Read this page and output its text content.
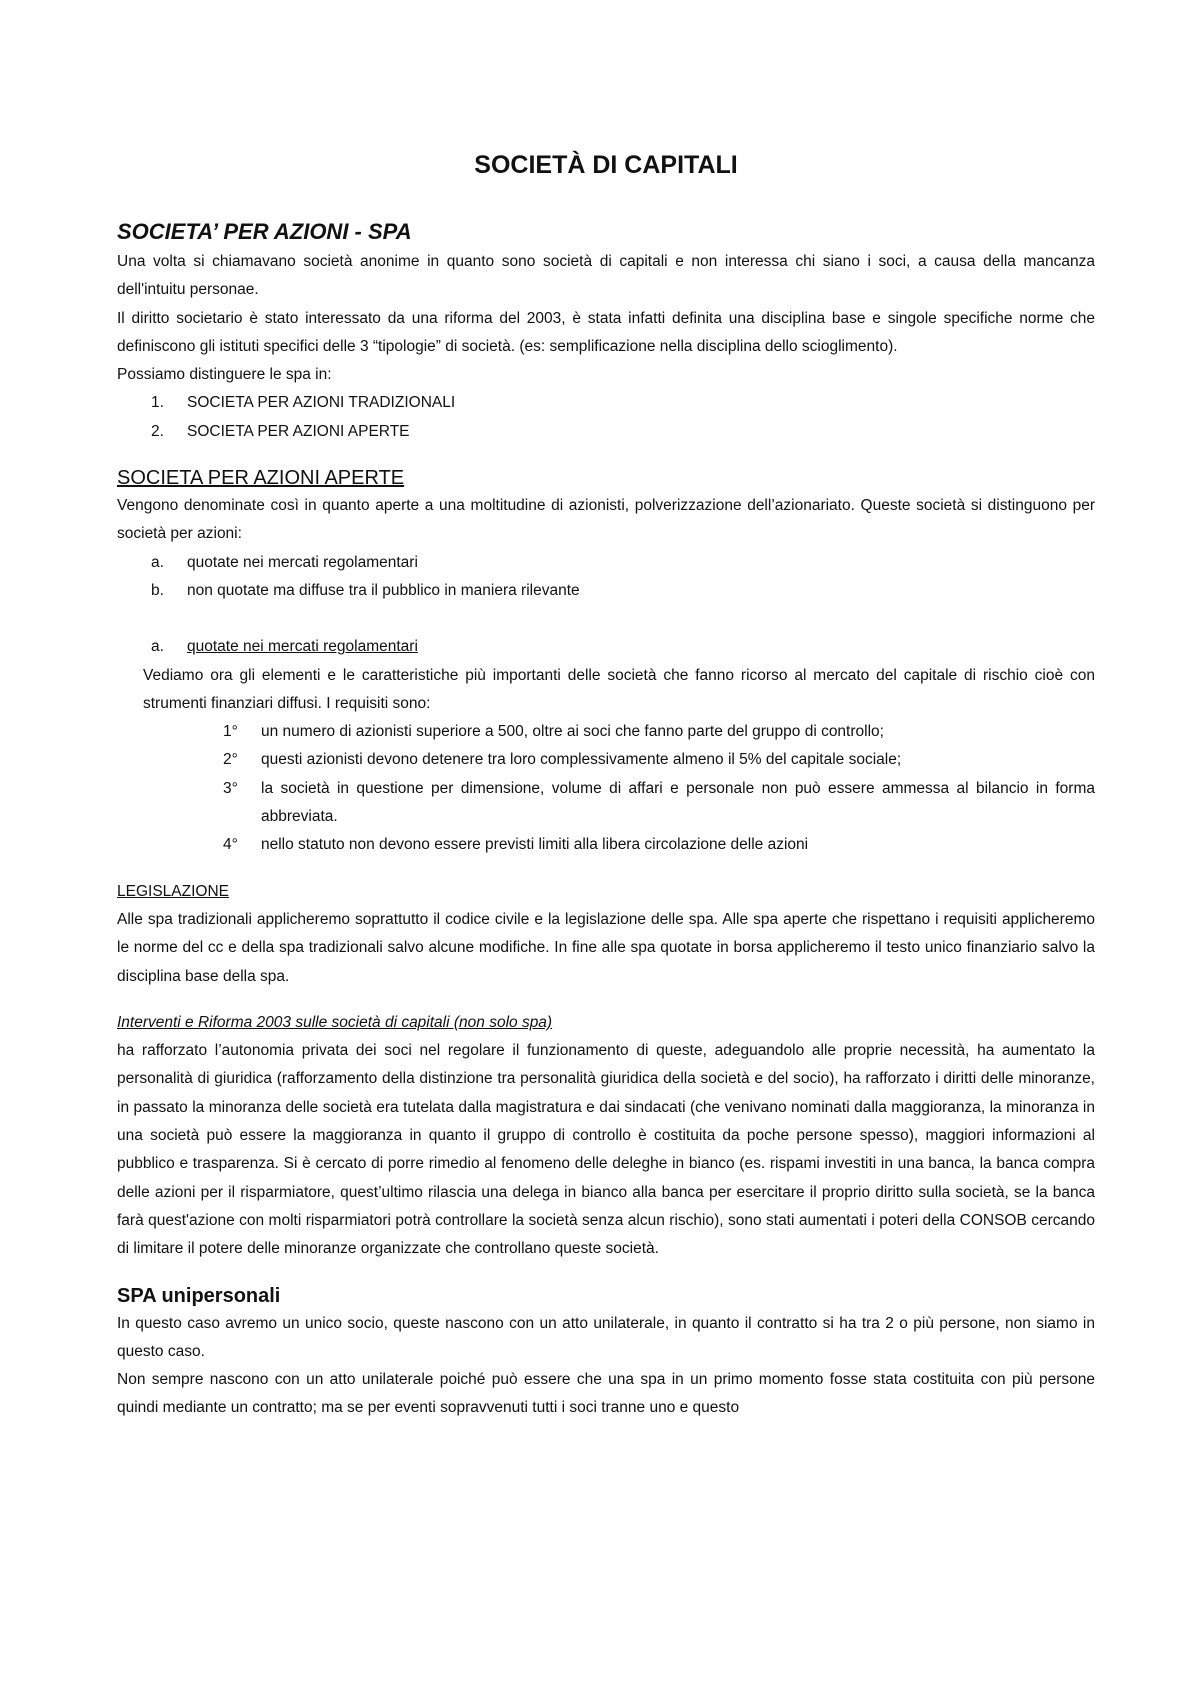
SOCIETÀ DI CAPITALI
SOCIETA’ PER AZIONI - SPA

Una volta si chiamavano società anonime in quanto sono società di capitali e non interessa chi siano i soci, a causa della mancanza dell'intuitu personae.

Il diritto societario è stato interessato da una riforma del 2003, è stata infatti definita una disciplina base e singole specifiche norme che definiscono gli istituti specifici delle 3 “tipologie” di società. (es: semplificazione nella disciplina dello scioglimento).

Possiamo distinguere le spa in:

1.	SOCIETA PER AZIONI TRADIZIONALI
2.	SOCIETA PER AZIONI APERTE
SOCIETA PER AZIONI APERTE

Vengono denominate così in quanto aperte a una moltitudine di azionisti, polverizzazione dell’azionariato. Queste società si distinguono per società per azioni:

a.	quotate nei mercati regolamentari
b.	non quotate ma diffuse tra il pubblico in maniera rilevante
a. quotate nei mercati regolamentari

Vediamo ora gli elementi e le caratteristiche più importanti delle società che fanno ricorso al mercato del capitale di rischio cioè con strumenti finanziari diffusi. I requisiti sono:

1°	un numero di azionisti superiore a 500, oltre ai soci che fanno parte del gruppo di controllo;
2°	questi azionisti devono detenere tra loro complessivamente almeno il 5% del capitale sociale;
3°	la società in questione per dimensione, volume di affari e personale non può essere ammessa al bilancio in forma abbreviata.
4°	nello statuto non devono essere previsti limiti alla libera circolazione delle azioni
LEGISLAZIONE

Alle spa tradizionali applicheremo soprattutto il codice civile e la legislazione delle spa. Alle spa aperte che rispettano i requisiti applicheremo le norme del cc e della spa tradizionali salvo alcune modifiche. In fine alle spa quotate in borsa applicheremo il testo unico finanziario salvo la disciplina base della spa.

Interventi e Riforma 2003 sulle società di capitali (non solo spa)

ha rafforzato l’autonomia privata dei soci nel regolare il funzionamento di queste, adeguandolo alle proprie necessità, ha aumentato la personalità di giuridica (rafforzamento della distinzione tra personalità giuridica della società e del socio), ha rafforzato i diritti delle minoranze, in passato la minoranza delle società era tutelata dalla magistratura e dai sindacati (che venivano nominati dalla maggioranza, la minoranza in una società può essere la maggioranza in quanto il gruppo di controllo è costituita da poche persone spesso), maggiori informazioni al pubblico e trasparenza. Si è cercato di porre rimedio al fenomeno delle deleghe in bianco (es. rispami investiti in una banca, la banca compra delle azioni per il risparmiatore, quest’ultimo rilascia una delega in bianco alla banca per esercitare il proprio diritto sulla società, se la banca farà quest'azione con molti risparmiatori potrà controllare la società senza alcun rischio), sono stati aumentati i poteri della CONSOB cercando di limitare il potere delle minoranze organizzate che controllano queste società.

SPA unipersonali

In questo caso avremo un unico socio, queste nascono con un atto unilaterale, in quanto il contratto si ha tra 2 o più persone, non siamo in questo caso.

Non sempre nascono con un atto unilaterale poiché può essere che una spa in un primo momento fosse stata costituita con più persone quindi mediante un contratto; ma se per eventi sopravvenuti tutti i soci tranne uno e questo
